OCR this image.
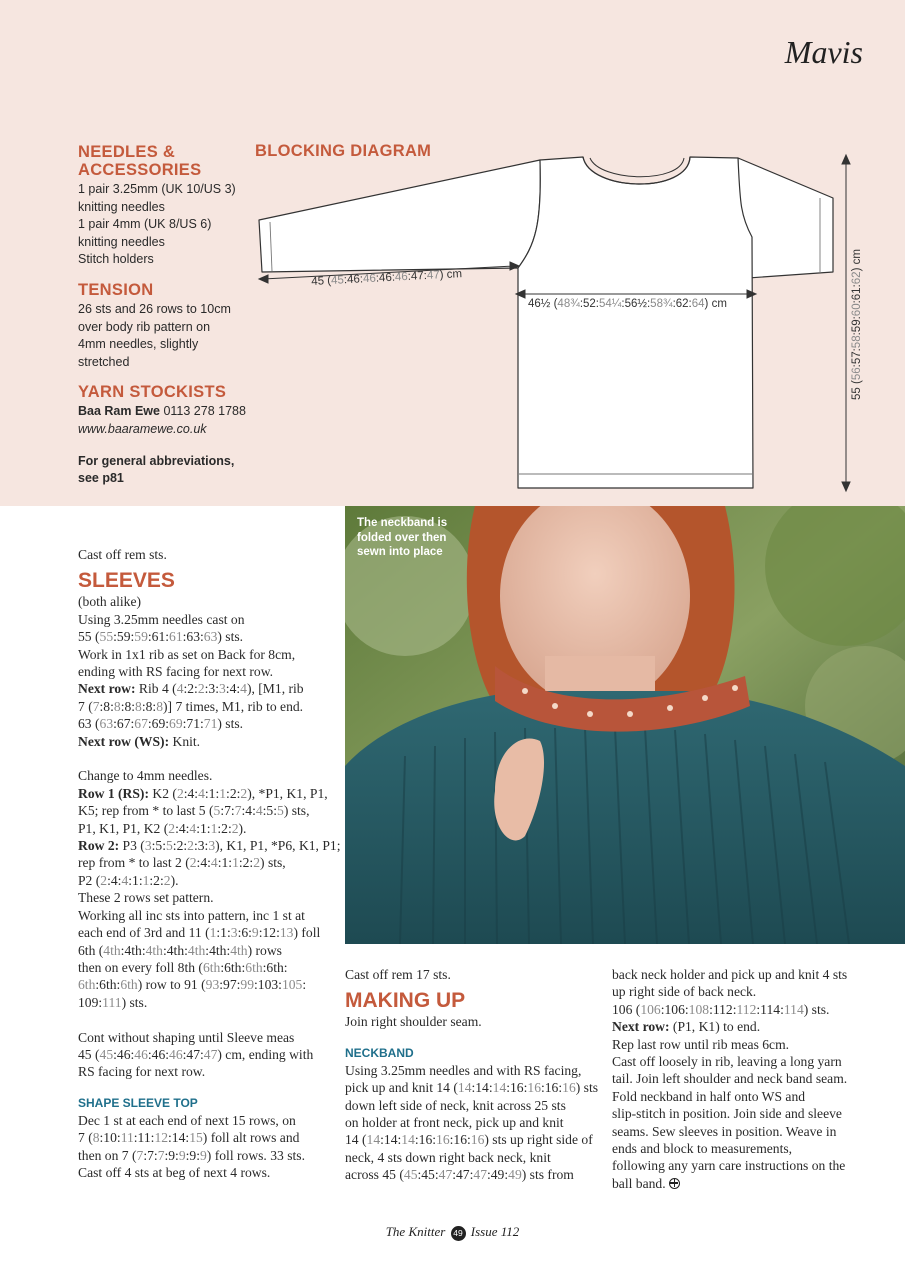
Mavis
NEEDLES &
ACCESSORIES
1 pair 3.25mm (UK 10/US 3)
knitting needles
1 pair 4mm (UK 8/US 6)
knitting needles
Stitch holders
TENSION
26 sts and 26 rows to 10cm
over body rib pattern on
4mm needles, slightly
stretched
YARN STOCKISTS
Baa Ram Ewe 0113 278 1788
www.baaramewe.co.uk
For general abbreviations,
see p81
BLOCKING DIAGRAM
45 (45:46:46:46:46:47:47) cm
46½ (48¾:52:54¼:56½:58¾:62:64) cm
55 (56:57:58:59:60:61:62) cm
The neckband is folded over then sewn into place
Cast off rem sts.
SLEEVES
(both alike)
Using 3.25mm needles cast on
55 (55:59:59:61:61:63:63) sts.
Work in 1x1 rib as set on Back for 8cm,
ending with RS facing for next row.
Next row: Rib 4 (4:2:2:3:3:4:4), [M1, rib
7 (7:8:8:8:8:8:8)] 7 times, M1, rib to end.
63 (63:67:67:69:69:71:71) sts.
Next row (WS): Knit.
Change to 4mm needles.
Row 1 (RS): K2 (2:4:4:1:1:2:2), *P1, K1, P1,
K5; rep from * to last 5 (5:7:7:4:4:5:5) sts,
P1, K1, P1, K2 (2:4:4:1:1:2:2).
Row 2: P3 (3:5:5:2:2:3:3), K1, P1, *P6, K1, P1;
rep from * to last 2 (2:4:4:1:1:2:2) sts,
P2 (2:4:4:1:1:2:2).
These 2 rows set pattern.
Working all inc sts into pattern, inc 1 st at
each end of 3rd and 11 (1:1:3:6:9:12:13) foll
6th (4th:4th:4th:4th:4th:4th:4th) rows
then on every foll 8th (6th:6th:6th:6th:
6th:6th:6th) row to 91 (93:97:99:103:105:
109:111) sts.
Cont without shaping until Sleeve meas
45 (45:46:46:46:46:47:47) cm, ending with
RS facing for next row.
SHAPE SLEEVE TOP
Dec 1 st at each end of next 15 rows, on
7 (8:10:11:11:12:14:15) foll alt rows and
then on 7 (7:7:7:9:9:9:9) foll rows. 33 sts.
Cast off 4 sts at beg of next 4 rows.
Cast off rem 17 sts.
MAKING UP
Join right shoulder seam.
NECKBAND
Using 3.25mm needles and with RS facing,
pick up and knit 14 (14:14:14:16:16:16:16) sts
down left side of neck, knit across 25 sts
on holder at front neck, pick up and knit
14 (14:14:14:16:16:16:16) sts up right side of
neck, 4 sts down right back neck, knit
across 45 (45:45:47:47:47:49:49) sts from
back neck holder and pick up and knit 4 sts
up right side of back neck.
106 (106:106:108:112:112:114:114) sts.
Next row: (P1, K1) to end.
Rep last row until rib meas 6cm.
Cast off loosely in rib, leaving a long yarn
tail. Join left shoulder and neck band seam.
Fold neckband in half onto WS and
slip-stitch in position. Join side and sleeve
seams. Sew sleeves in position. Weave in
ends and block to measurements,
following any yarn care instructions on the
ball band.
The Knitter 49 Issue 112
